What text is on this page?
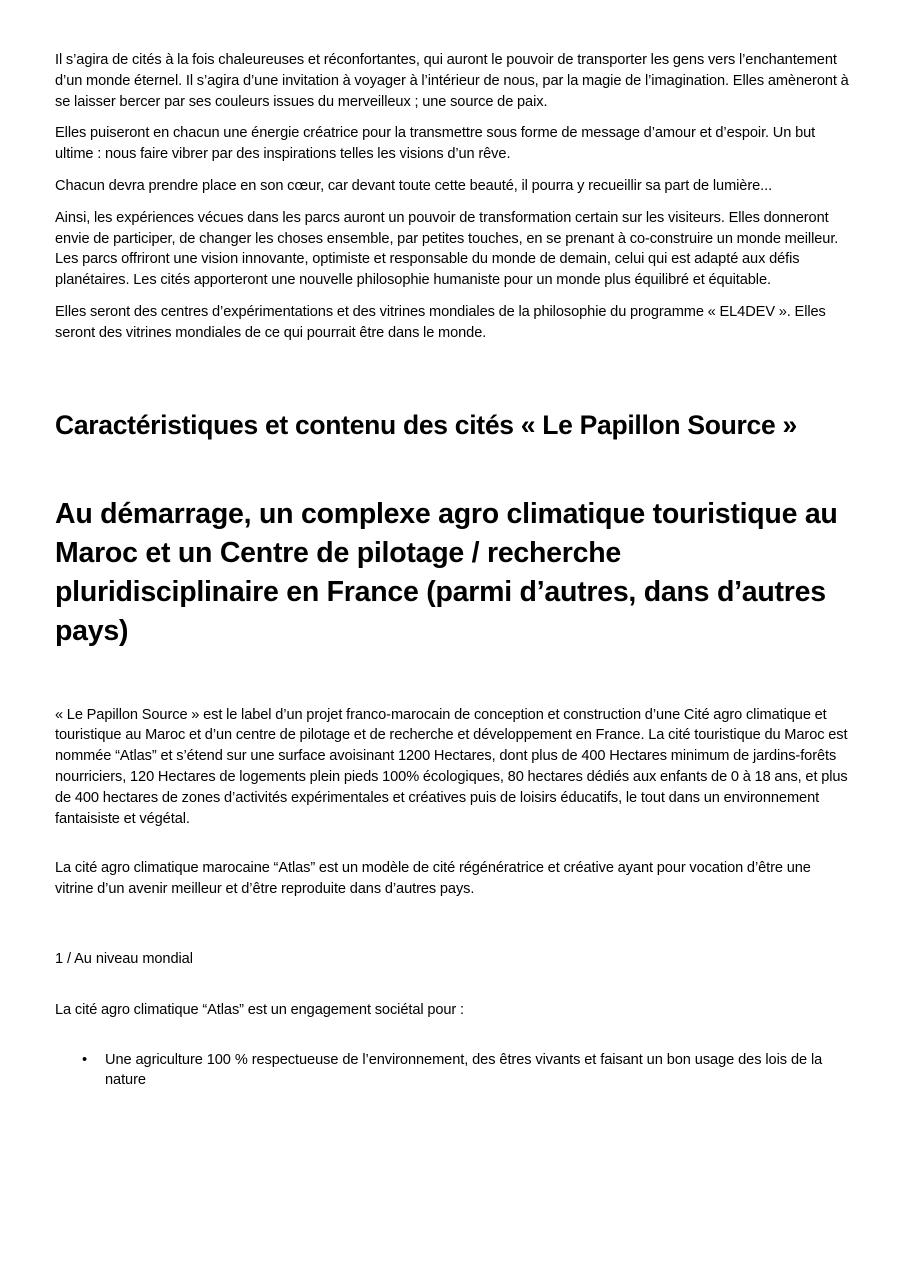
Il s’agira de cités à la fois chaleureuses et réconfortantes, qui auront le pouvoir de transporter les gens vers l’enchantement d’un monde éternel. Il s’agira d’une invitation à voyager à l’intérieur de nous, par la magie de l’imagination. Elles amèneront à se laisser bercer par ses couleurs issues du merveilleux ; une source de paix.

Elles puiseront en chacun une énergie créatrice pour la transmettre sous forme de message d’amour et d’espoir. Un but ultime : nous faire vibrer par des inspirations telles les visions d’un rêve.

Chacun devra prendre place en son cœur, car devant toute cette beauté, il pourra y recueillir sa part de lumière...

Ainsi, les expériences vécues dans les parcs auront un pouvoir de transformation certain sur les visiteurs. Elles donneront envie de participer, de changer les choses ensemble, par petites touches, en se prenant à co-construire un monde meilleur. Les parcs offriront une vision innovante, optimiste et responsable du monde de demain, celui qui est adapté aux défis planétaires. Les cités apporteront une nouvelle philosophie humaniste pour un monde plus équilibré et équitable.

Elles seront des centres d’expérimentations et des vitrines mondiales de la philosophie du programme « EL4DEV ». Elles seront des vitrines mondiales de ce qui pourrait être dans le monde.

Caractéristiques et contenu des cités « Le Papillon Source »
Au démarrage, un complexe agro climatique touristique au Maroc et un Centre de pilotage / recherche pluridisciplinaire en France (parmi d’autres, dans d’autres pays)

« Le Papillon Source » est le label d’un projet franco-marocain de conception et construction d’une Cité agro climatique et touristique au Maroc et d’un centre de pilotage et de recherche et développement en France. La cité touristique du Maroc est nommée “Atlas” et s’étend sur une surface avoisinant 1200 Hectares, dont plus de 400 Hectares minimum de jardins-forêts nourriciers, 120 Hectares de logements plein pieds 100% écologiques, 80 hectares dédiés aux enfants de 0 à 18 ans, et plus de 400 hectares de zones d’activités expérimentales et créatives puis de loisirs éducatifs, le tout dans un environnement fantaisiste et végétal.

La cité agro climatique marocaine “Atlas” est un modèle de cité régénératrice et créative ayant pour vocation d’être une vitrine d’un avenir meilleur et d’être reproduite dans d’autres pays.

1 / Au niveau mondial

La cité agro climatique “Atlas” est un engagement sociétal pour :

• Une agriculture 100 % respectueuse de l’environnement, des êtres vivants et faisant un bon usage des lois de la nature
